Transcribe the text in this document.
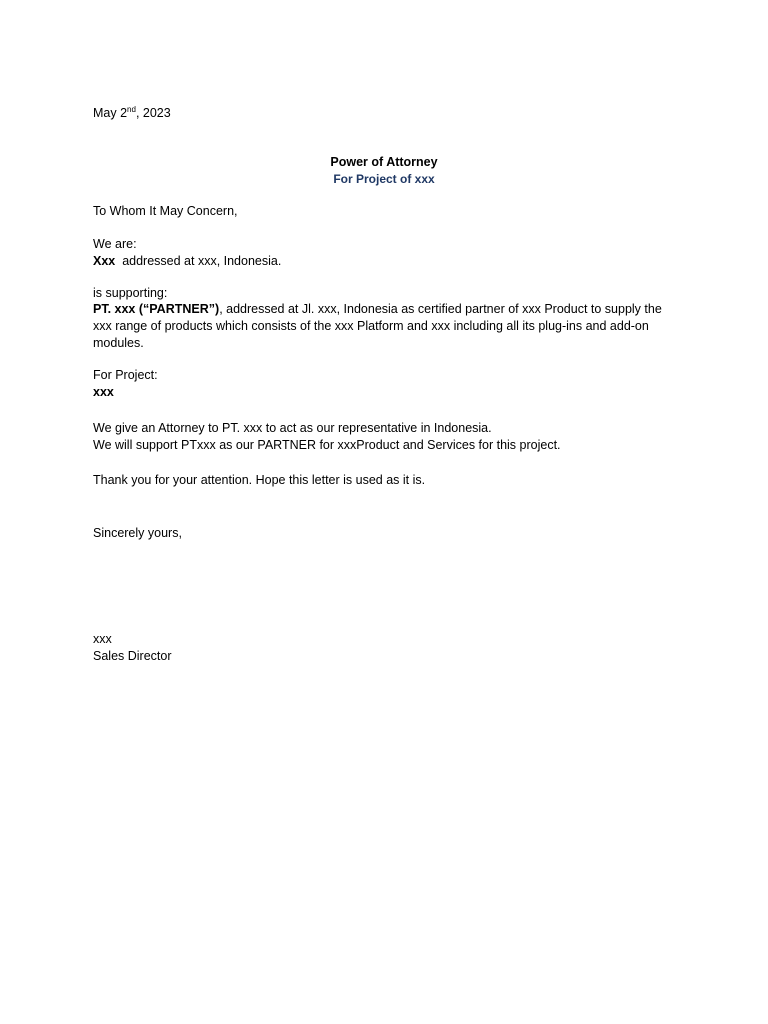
May 2nd, 2023
Power of Attorney
For Project of xxx
To Whom It May Concern,
We are:
Xxx  addressed at xxx, Indonesia.
is supporting:
PT. xxx (“PARTNER”), addressed at Jl. xxx, Indonesia as certified partner of xxx Product to supply the
xxx range of products which consists of the xxx Platform and xxx including all its plug-ins and add-on
modules.
For Project:
xxx
We give an Attorney to PT. xxx to act as our representative in Indonesia.
We will support PTxxx as our PARTNER for xxxProduct and Services for this project.
Thank you for your attention. Hope this letter is used as it is.
Sincerely yours,
xxx
Sales Director
